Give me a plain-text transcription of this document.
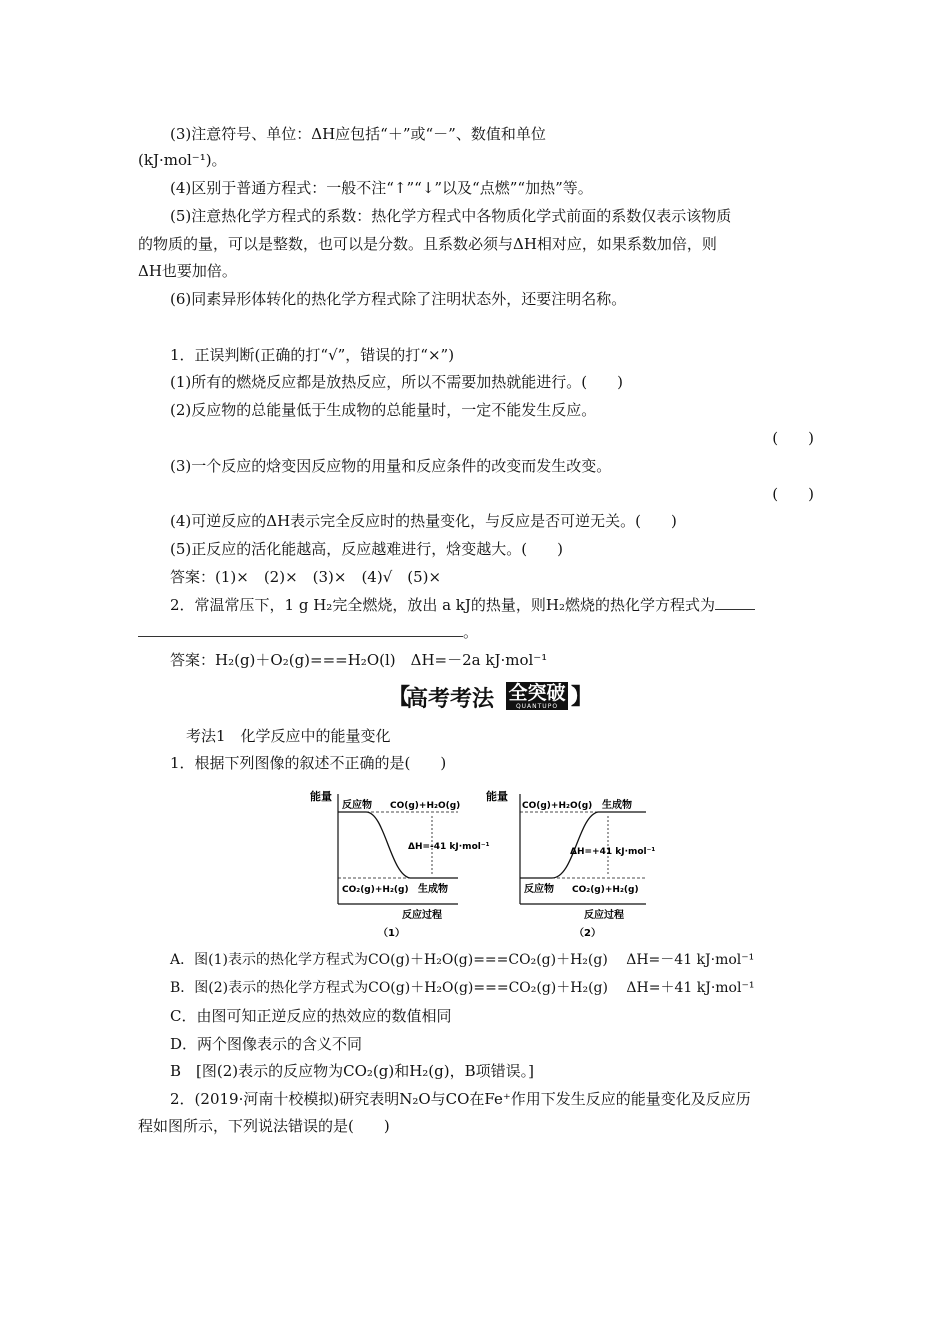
(3)注意符号、单位：ΔH应包括“＋”或“－”、数值和单位
(kJ·mol⁻¹)。
(4)区别于普通方程式：一般不注“↑”“↓”以及“点燃”“加热”等。
(5)注意热化学方程式的系数：热化学方程式中各物质化学式前面的系数仅表示该物质
的物质的量，可以是整数，也可以是分数。且系数必须与ΔH相对应，如果系数加倍，则
ΔH也要加倍。
(6)同素异形体转化的热化学方程式除了注明状态外，还要注明名称。
1．正误判断(正确的打“√”，错误的打“×”)
(1)所有的燃烧反应都是放热反应，所以不需要加热就能进行。(　　)
(2)反应物的总能量低于生成物的总能量时，一定不能发生反应。
(　　)
(3)一个反应的焓变因反应物的用量和反应条件的改变而发生改变。
(　　)
(4)可逆反应的ΔH表示完全反应时的热量变化，与反应是否可逆无关。(　　)
(5)正反应的活化能越高，反应越难进行，焓变越大。(　　)
答案：(1)×　(2)×　(3)×　(4)√　(5)×
2．常温常压下，1 g H₂完全燃烧，放出 a kJ的热量，则H₂燃烧的热化学方程式为
。
答案：H₂(g)＋O₂(g)===H₂O(l)　ΔH=－2a kJ·mol⁻¹
【
高考考法 全突破
QUANTUPO 】
考法1　化学反应中的能量变化
1．根据下列图像的叙述不正确的是(　　)
能量
反应物 CO(g)+H₂O(g)
ΔH=-41 kJ·mol⁻¹
CO₂(g)+H₂(g) 生成物
反应过程
（1）
能量
CO(g)+H₂O(g) 生成物
ΔH=+41 kJ·mol⁻¹
反应物 CO₂(g)+H₂(g)
反应过程
（2）
A．图(1)表示的热化学方程式为CO(g)＋H₂O(g)===CO₂(g)＋H₂(g)　 ΔH=－41 kJ·mol⁻¹
B．图(2)表示的热化学方程式为CO(g)＋H₂O(g)===CO₂(g)＋H₂(g)　 ΔH=＋41 kJ·mol⁻¹
C．由图可知正逆反应的热效应的数值相同
D．两个图像表示的含义不同
B　[图(2)表示的反应物为CO₂(g)和H₂(g)，B项错误。]
2．(2019·河南十校模拟)研究表明N₂O与CO在Fe⁺作用下发生反应的能量变化及反应历
程如图所示，下列说法错误的是(　　)
